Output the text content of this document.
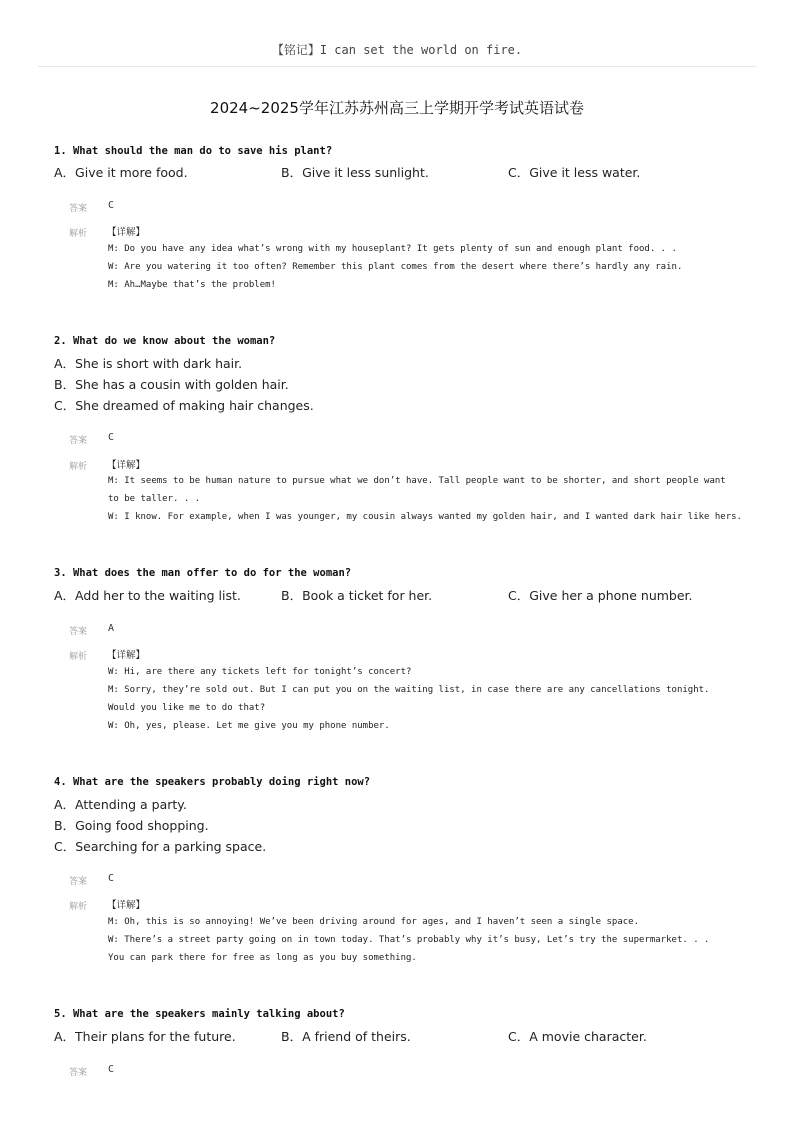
【铭记】I can set the world on fire.
2024~2025学年江苏苏州高三上学期开学考试英语试卷
1. What should the man do to save his plant?
A．Give it more food.	B．Give it less sunlight.	C．Give it less water.
答案 C
解析 【详解】
M: Do you have any idea what’s wrong with my houseplant? It gets plenty of sun and enough plant food. . .
W: Are you watering it too often? Remember this plant comes from the desert where there’s hardly any rain.
M: Ah…Maybe that’s the problem!
2. What do we know about the woman?
A．She is short with dark hair.
B．She has a cousin with golden hair.
C．She dreamed of making hair changes.
答案 C
解析 【详解】
M: It seems to be human nature to pursue what we don’t have. Tall people want to be shorter, and short people want
to be taller. . .
W: I know. For example, when I was younger, my cousin always wanted my golden hair, and I wanted dark hair like hers.
3. What does the man offer to do for the woman?
A．Add her to the waiting list.	B．Book a ticket for her.	C．Give her a phone number.
答案 A
解析 【详解】
W: Hi, are there any tickets left for tonight’s concert?
M: Sorry, they’re sold out. But I can put you on the waiting list, in case there are any cancellations tonight.
Would you like me to do that?
W: Oh, yes, please. Let me give you my phone number.
4. What are the speakers probably doing right now?
A．Attending a party.
B．Going food shopping.
C．Searching for a parking space.
答案 C
解析 【详解】
M: Oh, this is so annoying! We’ve been driving around for ages, and I haven’t seen a single space.
W: There’s a street party going on in town today. That’s probably why it’s busy, Let’s try the supermarket. . .
You can park there for free as long as you buy something.
5. What are the speakers mainly talking about?
A．Their plans for the future.	B．A friend of theirs.	C．A movie character.
答案 C
